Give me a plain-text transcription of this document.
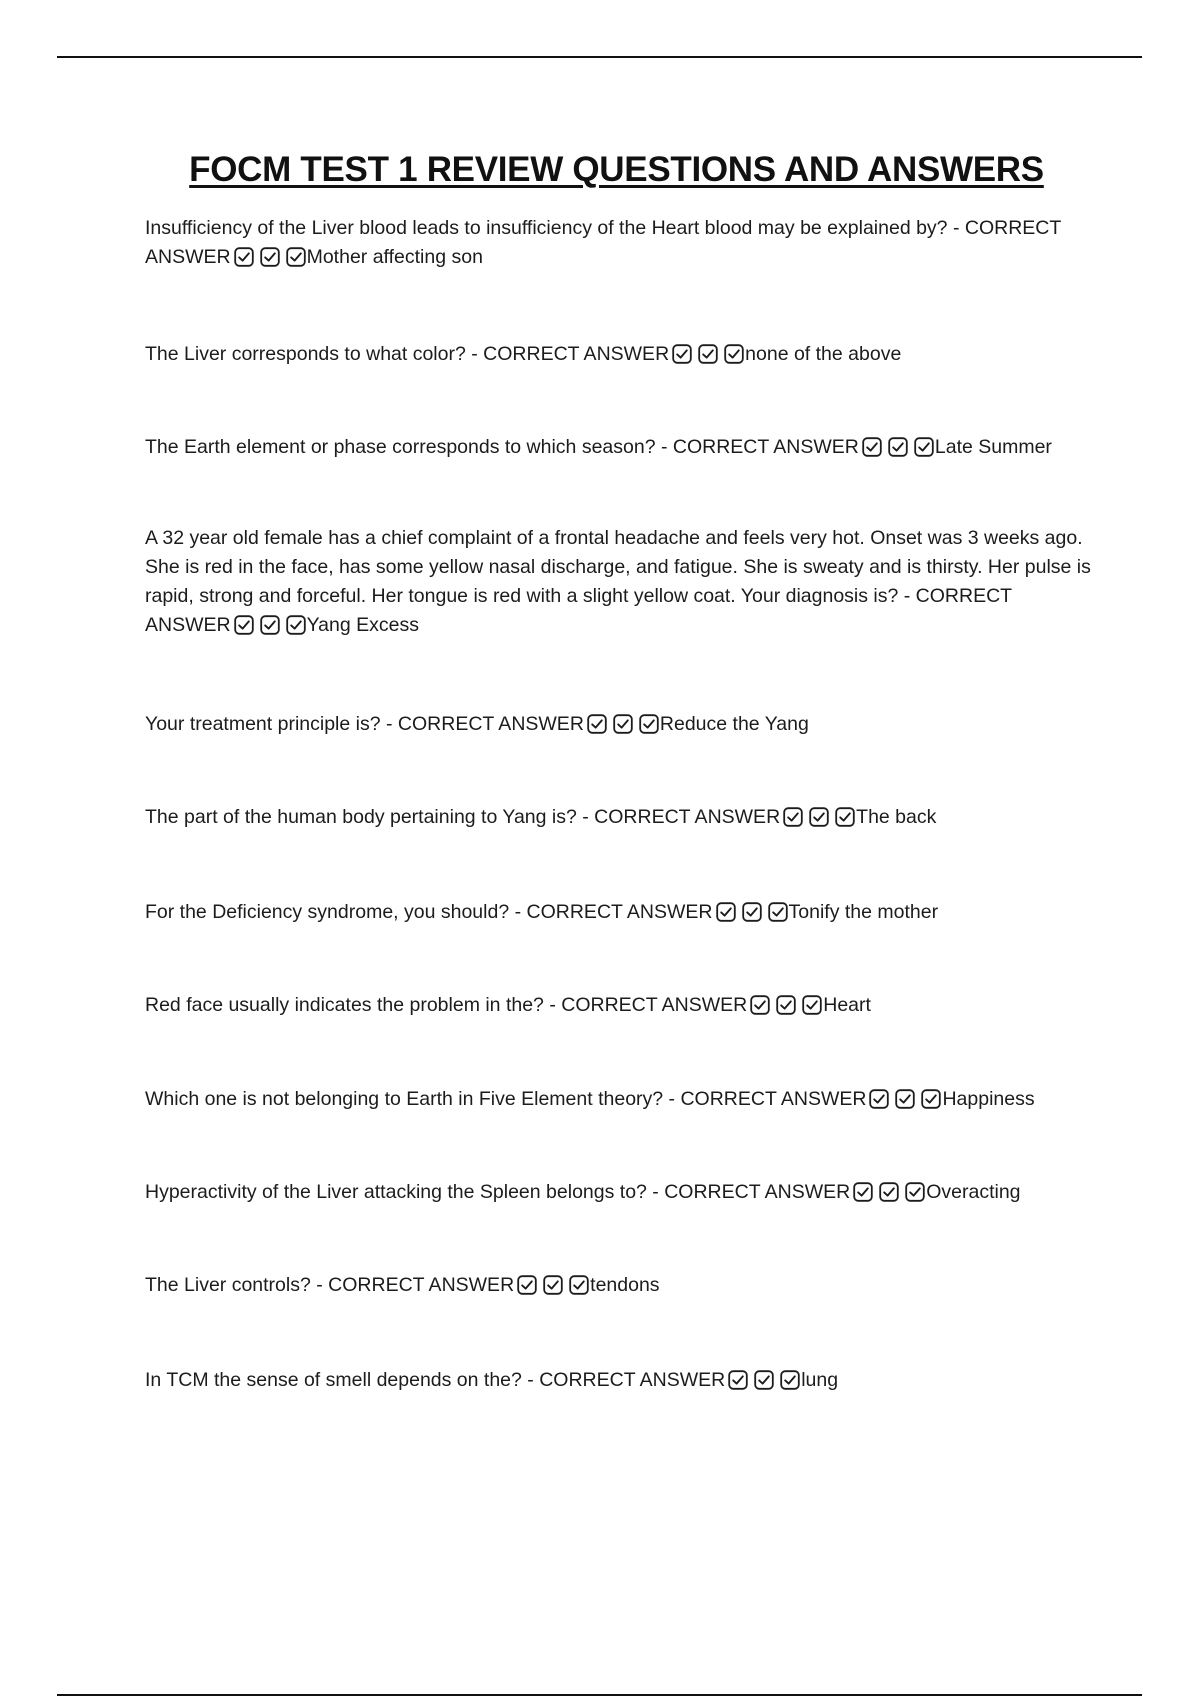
FOCM TEST 1 REVIEW QUESTIONS AND ANSWERS
Insufficiency of the Liver blood leads to insufficiency of the Heart blood may be explained by? - CORRECT ANSWER	Mother affecting son
The Liver corresponds to what color? - CORRECT ANSWER	none of the above
The Earth element or phase corresponds to which season? - CORRECT ANSWER	Late Summer
A 32 year old female has a chief complaint of a frontal headache and feels very hot. Onset was 3 weeks ago. She is red in the face, has some yellow nasal discharge, and fatigue. She is sweaty and is thirsty. Her pulse is rapid, strong and forceful. Her tongue is red with a slight yellow coat. Your diagnosis is? - CORRECT ANSWER	Yang Excess
Your treatment principle is? - CORRECT ANSWER	Reduce the Yang
The part of the human body pertaining to Yang is? - CORRECT ANSWER	The back
For the Deficiency syndrome, you should? - CORRECT ANSWER	Tonify the mother
Red face usually indicates the problem in the? - CORRECT ANSWER	Heart
Which one is not belonging to Earth in Five Element theory? - CORRECT ANSWER	Happiness
Hyperactivity of the Liver attacking the Spleen belongs to? - CORRECT ANSWER	Overacting
The Liver controls? - CORRECT ANSWER	tendons
In TCM the sense of smell depends on the? - CORRECT ANSWER	lung
